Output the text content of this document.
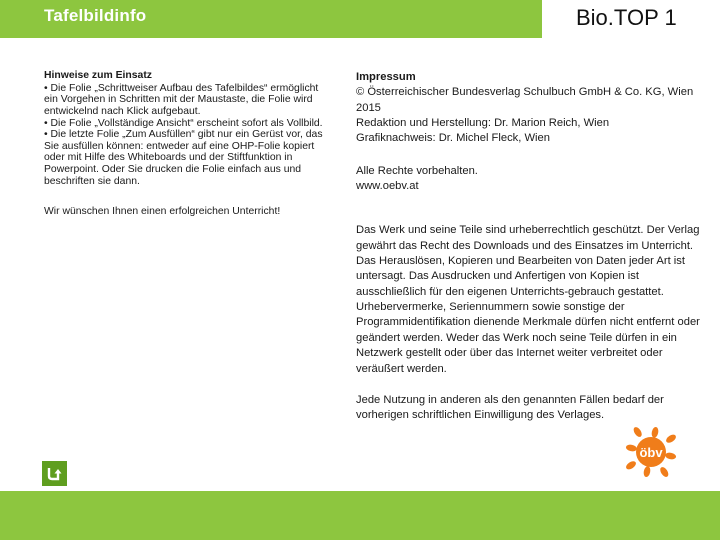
Tafelbildinfo	Bio.TOP 1
Hinweise zum Einsatz

• Die Folie „Schrittweiser Aufbau des Tafelbildes“ ermöglicht ein Vorgehen in Schritten mit der Maustaste, die Folie wird entwickelnd nach Klick aufgebaut.

• Die Folie „Vollständige Ansicht“ erscheint sofort als Vollbild.

• Die letzte Folie „Zum Ausfüllen“ gibt nur ein Gerüst vor, das Sie ausfüllen können: entweder auf eine OHP-Folie kopiert oder mit Hilfe des Whiteboards und der Stiftfunktion in Powerpoint. Oder Sie drucken die Folie einfach aus und beschriften sie dann.

Wir wünschen Ihnen einen erfolgreichen Unterricht!

Impressum

© Österreichischer Bundesverlag Schulbuch GmbH & Co. KG, Wien 2015

Redaktion und Herstellung: Dr. Marion Reich, Wien

Grafiknachweis: Dr. Michel Fleck, Wien

Alle Rechte vorbehalten.

www.oebv.at

Das Werk und seine Teile sind urheberrechtlich geschützt. Der Verlag gewährt das Recht des Downloads und des Einsatzes im Unterricht. Das Herauslösen, Kopieren und Bearbeiten von Daten jeder Art ist untersagt. Das Ausdrucken und Anfertigen von Kopien ist ausschließlich für den eigenen Unterrichts-gebrauch gestattet. Urhebervermerke, Seriennummern sowie sonstige der Programmidentifikation dienende Merkmale dürfen nicht entfernt oder geändert werden. Weder das Werk noch seine Teile dürfen in ein Netzwerk gestellt oder über das Internet weiter verbreitet oder veräußert werden.

Jede Nutzung in anderen als den genannten Fällen bedarf der vorherigen schriftlichen Einwilligung des Verlages.

öbv
